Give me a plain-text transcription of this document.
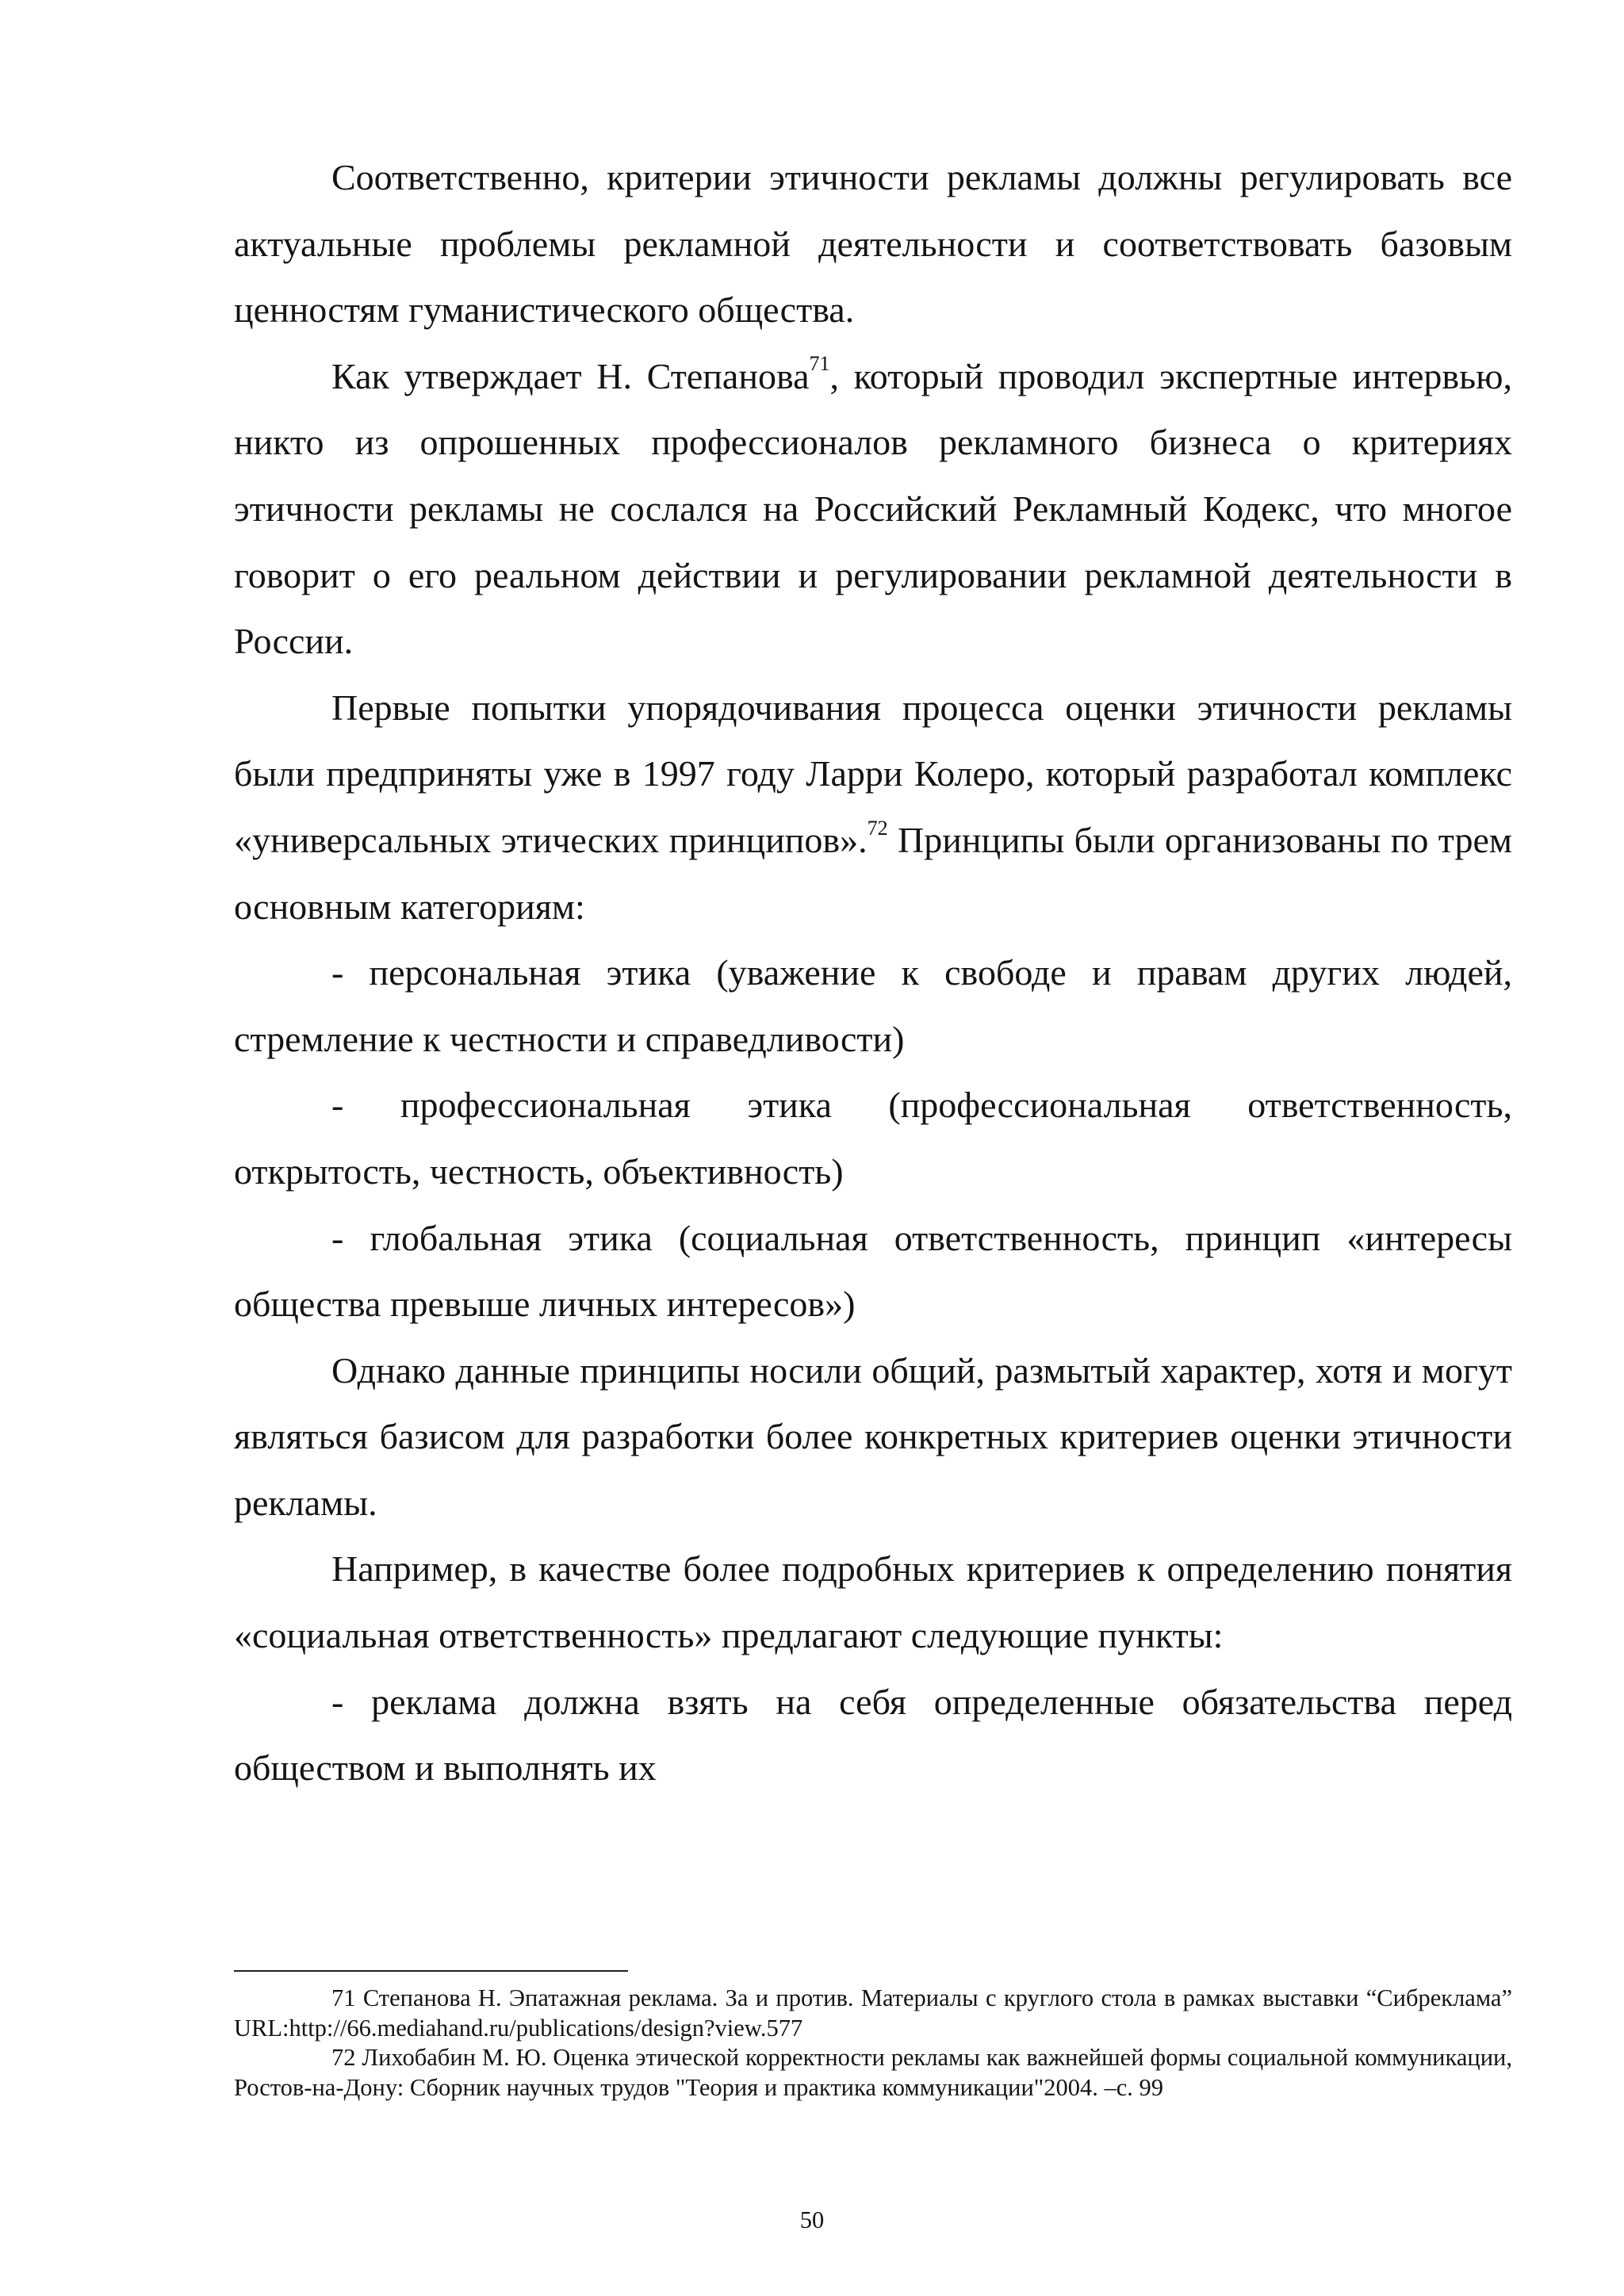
Соответственно, критерии этичности рекламы должны регулировать все актуальные проблемы рекламной деятельности и соответствовать базовым ценностям гуманистического общества.

Как утверждает Н. Степанова$^{71}$, который проводил экспертные интервью, никто из опрошенных профессионалов рекламного бизнеса о критериях этичности рекламы не сослался на Российский Рекламный Кодекс, что многое говорит о его реальном действии и регулировании рекламной деятельности в России.

Первые попытки упорядочивания процесса оценки этичности рекламы были предприняты уже в 1997 году Ларри Колеро, который разработал комплекс «универсальных этических принципов».$^{72}$ Принципы были организованы по трем основным категориям:

- персональная этика (уважение к свободе и правам других людей, стремление к честности и справедливости)

- профессиональная этика (профессиональная ответственность, открытость, честность, объективность)

- глобальная этика (социальная ответственность, принцип «интересы общества превыше личных интересов»)

Однако данные принципы носили общий, размытый характер, хотя и могут являться базисом для разработки более конкретных критериев оценки этичности рекламы.

Например, в качестве более подробных критериев к определению понятия «социальная ответственность» предлагают следующие пункты:

- реклама должна взять на себя определенные обязательства перед обществом и выполнять их

71 Степанова Н. Эпатажная реклама. За и против. Материалы с круглого стола в рамках выставки “Сибреклама” URL:http://66.mediahand.ru/publications/design?view.577

72 Лихобабин М. Ю. Оценка этической корректности рекламы как важнейшей формы социальной коммуникации, Ростов-на-Дону: Сборник научных трудов "Теория и практика коммуникации"2004. –с. 99

50
